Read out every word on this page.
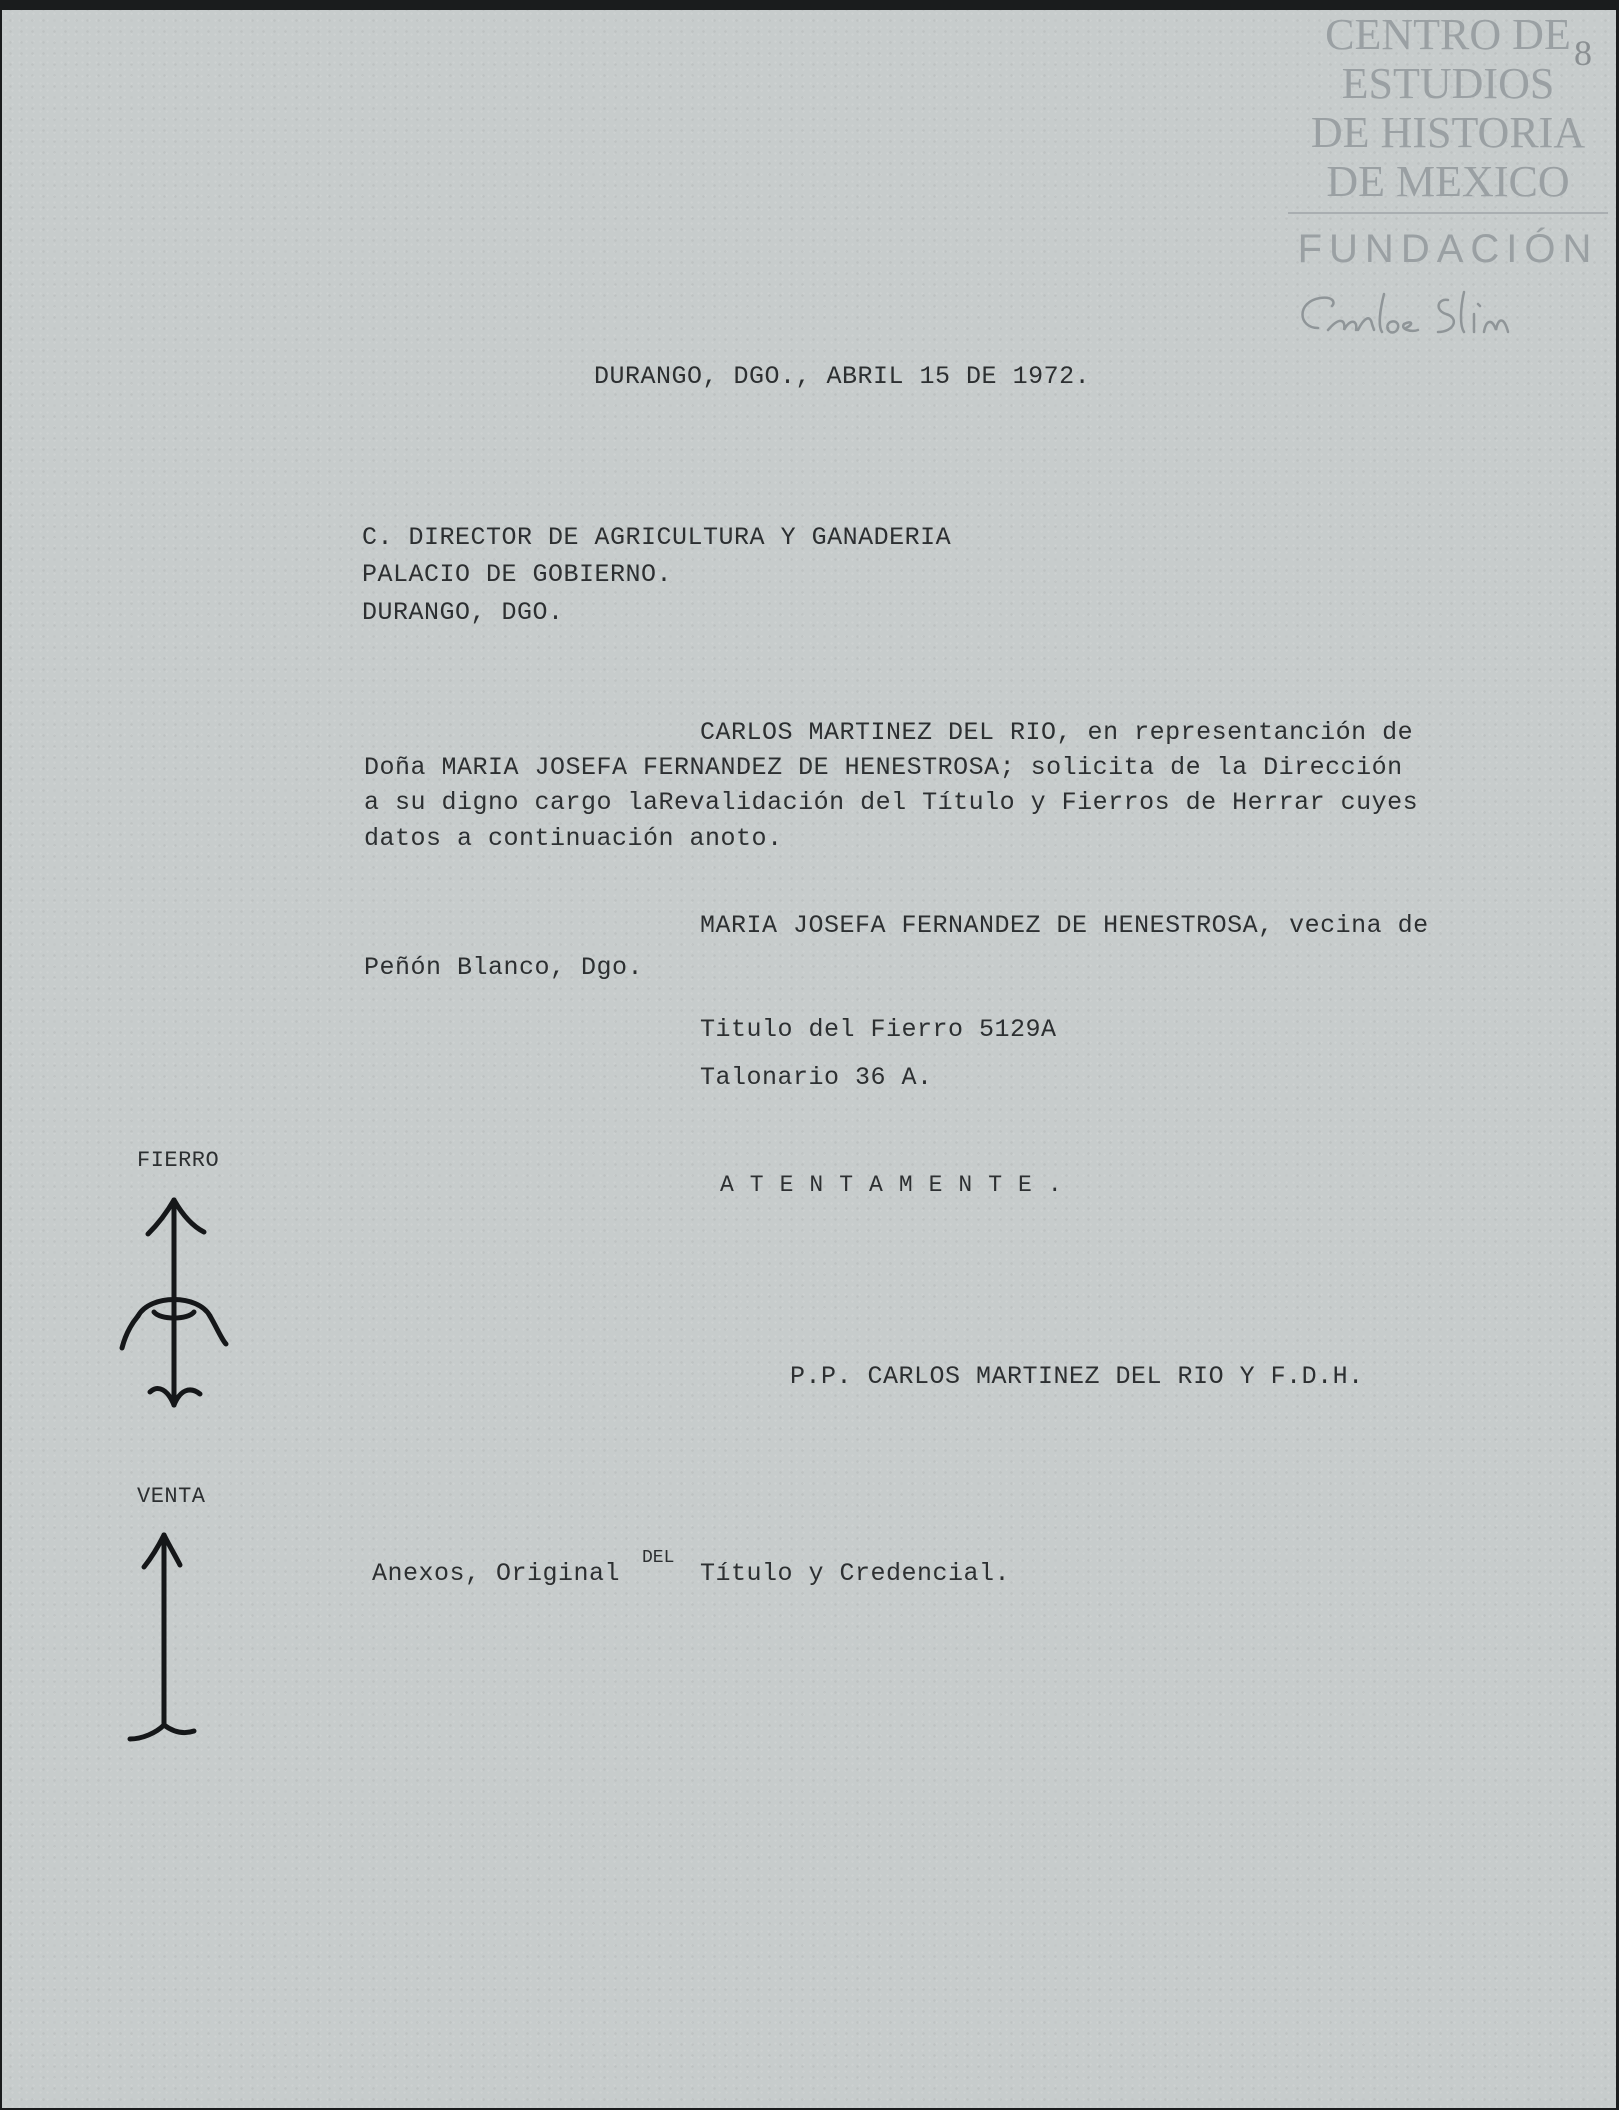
CENTRO DE
ESTUDIOS
DE HISTORIA
DE MEXICO
FUNDACIÓN
8
DURANGO, DGO., ABRIL 15 DE 1972.
C. DIRECTOR DE AGRICULTURA Y GANADERIA
PALACIO DE GOBIERNO.
DURANGO, DGO.
CARLOS MARTINEZ DEL RIO, en representanción de
Doña MARIA JOSEFA FERNANDEZ DE HENESTROSA; solicita de la Dirección
a su digno cargo laRevalidación del Título y Fierros de Herrar cuyes
datos a continuación anoto.
MARIA JOSEFA FERNANDEZ DE HENESTROSA, vecina de
Peñón Blanco, Dgo.
Titulo del Fierro 5129A
Talonario 36 A.
ATENTAMENTE.
P.P. CARLOS MARTINEZ DEL RIO Y F.D.H.
Anexos, Original
DEL
Título y Credencial.
FIERRO
VENTA
